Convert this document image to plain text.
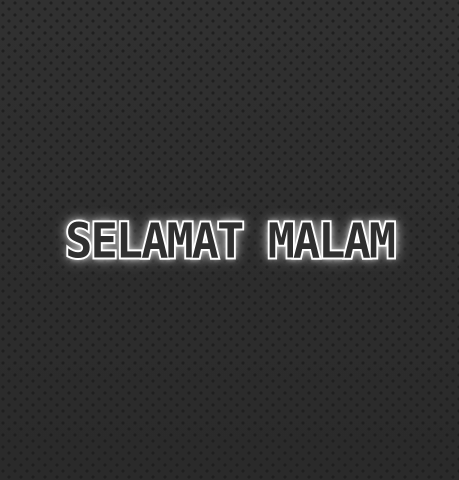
SELAMAT MALAM
